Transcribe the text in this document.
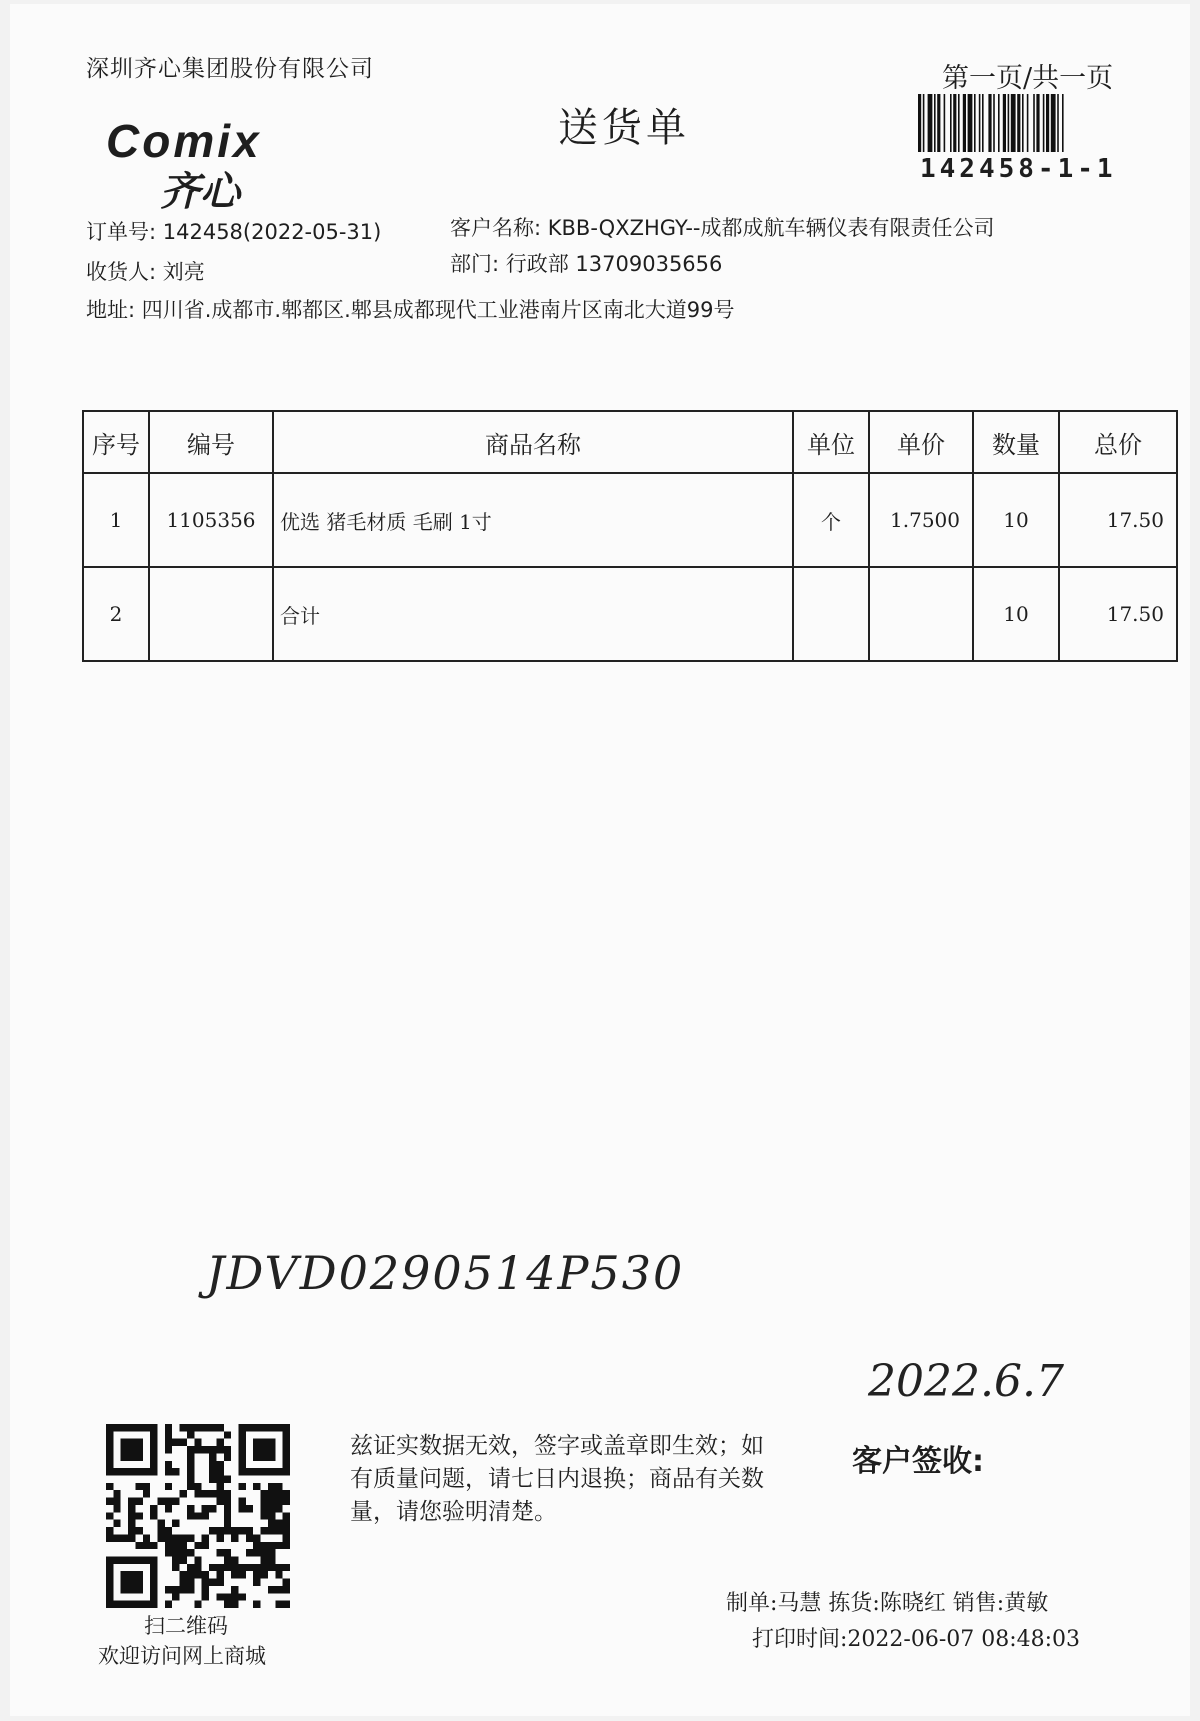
深圳齐心集团股份有限公司	第一页/共一页
送货单
142458-1-1
Comix
齐心
订单号: 142458(2022-05-31)	客户名称: KBB-QXZHGY--成都成航车辆仪表有限责任公司
收货人: 刘亮	部门: 行政部 13709035656
地址: 四川省.成都市.郫都区.郫县成都现代工业港南片区南北大道99号
序号	编号	商品名称	单位	单价	数量	总价
1	1105356	优选 猪毛材质 毛刷 1寸	个	1.7500	10	17.50
2		合计			10	17.50
JDVD0290514P530
2022.6.7
扫二维码
欢迎访问网上商城
兹证实数据无效，签字或盖章即生效；如有质量问题，请七日内退换；商品有关数量，请您验明清楚。
客户签收:
制单:马慧 拣货:陈晓红 销售:黄敏
打印时间:2022-06-07 08:48:03
